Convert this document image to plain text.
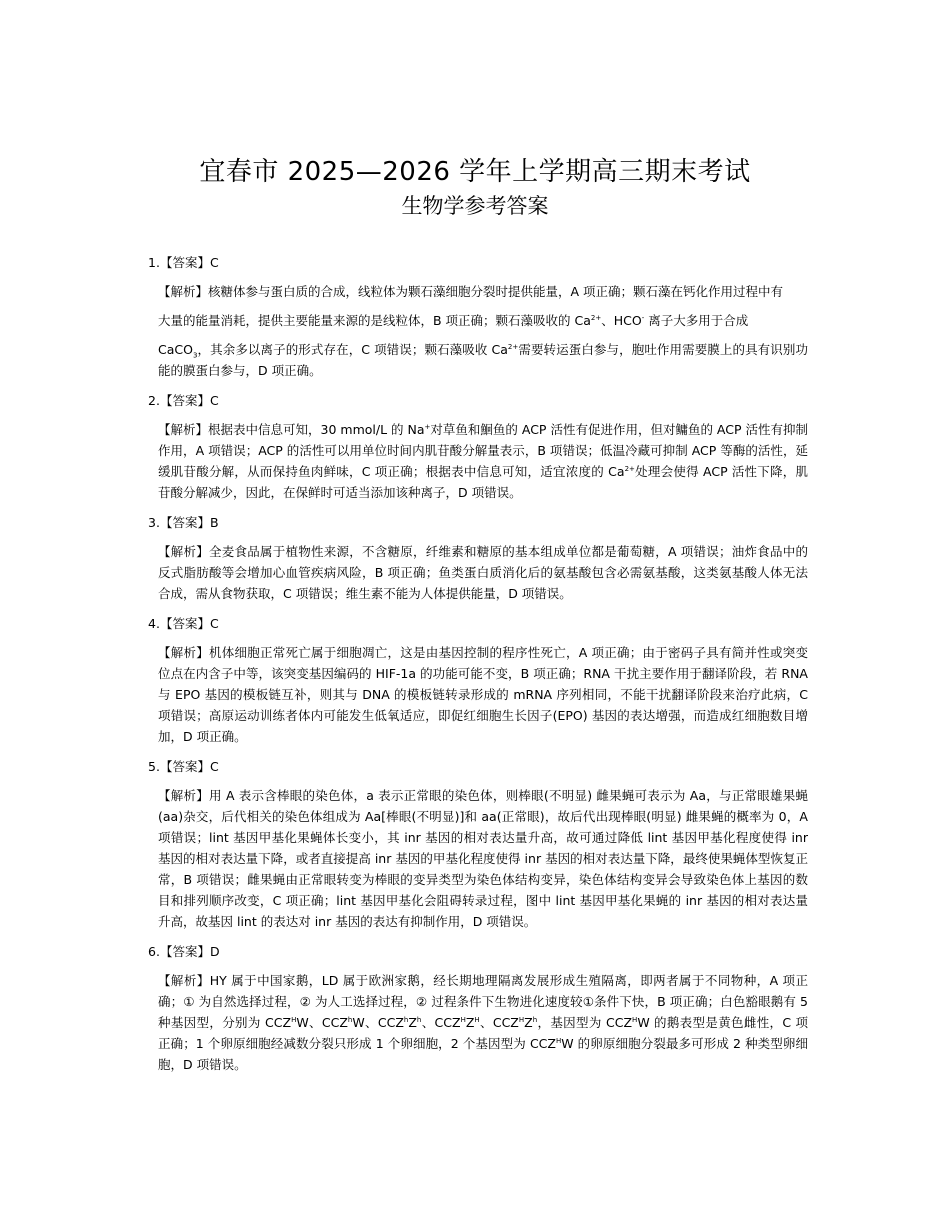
宜春市 2025—2026 学年上学期高三期末考试
生物学参考答案
1.【答案】C

【解析】核糖体参与蛋白质的合成，线粒体为颗石藻细胞分裂时提供能量，A 项正确；颗石藻在钙化作用过程中有

大量的能量消耗，提供主要能量来源的是线粒体，B 项正确；颗石藻吸收的 $Ca^{2+}$、HCO- 离子大多用于合成

CaCO$_3$，其余多以离子的形式存在，C 项错误；颗石藻吸收 $Ca^{2+}$需要转运蛋白参与，胞吐作用需要膜上的具有识别功能的膜蛋白参与，D 项正确。

2.【答案】C

【解析】根据表中信息可知，30 mmol/L 的 Na+对草鱼和鮰鱼的 ACP 活性有促进作用，但对鳙鱼的 ACP 活性有抑制作用，A 项错误；ACP 的活性可以用单位时间内肌苷酸分解量表示，B 项错误；低温冷藏可抑制 ACP 等酶的活性，延缓肌苷酸分解，从而保持鱼肉鲜味，C 项正确；根据表中信息可知，适宜浓度的 $Ca^{2+}$处理会使得 ACP 活性下降，肌苷酸分解减少，因此，在保鲜时可适当添加该种离子，D 项错误。

3.【答案】B

【解析】全麦食品属于植物性来源，不含糖原，纤维素和糖原的基本组成单位都是葡萄糖，A 项错误；油炸食品中的反式脂肪酸等会增加心血管疾病风险，B 项正确；鱼类蛋白质消化后的氨基酸包含必需氨基酸，这类氨基酸人体无法合成，需从食物获取，C 项错误；维生素不能为人体提供能量，D 项错误。

4.【答案】C

【解析】机体细胞正常死亡属于细胞凋亡，这是由基因控制的程序性死亡，A 项正确；由于密码子具有简并性或突变位点在内含子中等，该突变基因编码的 HIF-1a 的功能可能不变，B 项正确；RNA 干扰主要作用于翻译阶段，若 RNA 与 EPO 基因的模板链互补，则其与 DNA 的模板链转录形成的 mRNA 序列相同，不能干扰翻译阶段来治疗此病，C 项错误；高原运动训练者体内可能发生低氧适应，即促红细胞生长因子(EPO) 基因的表达增强，而造成红细胞数目增加，D 项正确。

5.【答案】C

【解析】用 A 表示含棒眼的染色体，a 表示正常眼的染色体，则棒眼(不明显) 雌果蝇可表示为 Aa，与正常眼雄果蝇(aa)杂交，后代相关的染色体组成为 Aa[棒眼(不明显)]和 aa(正常眼)，故后代出现棒眼(明显) 雌果蝇的概率为 0，A 项错误；lint 基因甲基化果蝇体长变小，其 inr 基因的相对表达量升高，故可通过降低 lint 基因甲基化程度使得 inr 基因的相对表达量下降，或者直接提高 inr 基因的甲基化程度使得 inr 基因的相对表达量下降，最终使果蝇体型恢复正常，B 项错误；雌果蝇由正常眼转变为棒眼的变异类型为染色体结构变异，染色体结构变异会导致染色体上基因的数目和排列顺序改变，C 项正确；lint 基因甲基化会阻碍转录过程，图中 lint 基因甲基化果蝇的 inr 基因的相对表达量升高，故基因 lint 的表达对 inr 基因的表达有抑制作用，D 项错误。

6.【答案】D

【解析】HY 属于中国家鹅，LD 属于欧洲家鹅，经长期地理隔离发展形成生殖隔离，即两者属于不同物种，A 项正确；① 为自然选择过程，② 为人工选择过程，② 过程条件下生物进化速度较①条件下快，B 项正确；白色豁眼鹅有 5 种基因型，分别为 $CCZ^HW$、CCZ$^h$W、$CCZ^hZ^h$、$CCZ^HZ^H$、$CCZ^HZ^h$，基因型为 $CCZ^HW$ 的鹅表型是黄色雌性，C 项正确；1 个卵原细胞经减数分裂只形成 1 个卵细胞，2 个基因型为 $CCZ^HW$ 的卵原细胞分裂最多可形成 2 种类型卵细胞，D 项错误。
